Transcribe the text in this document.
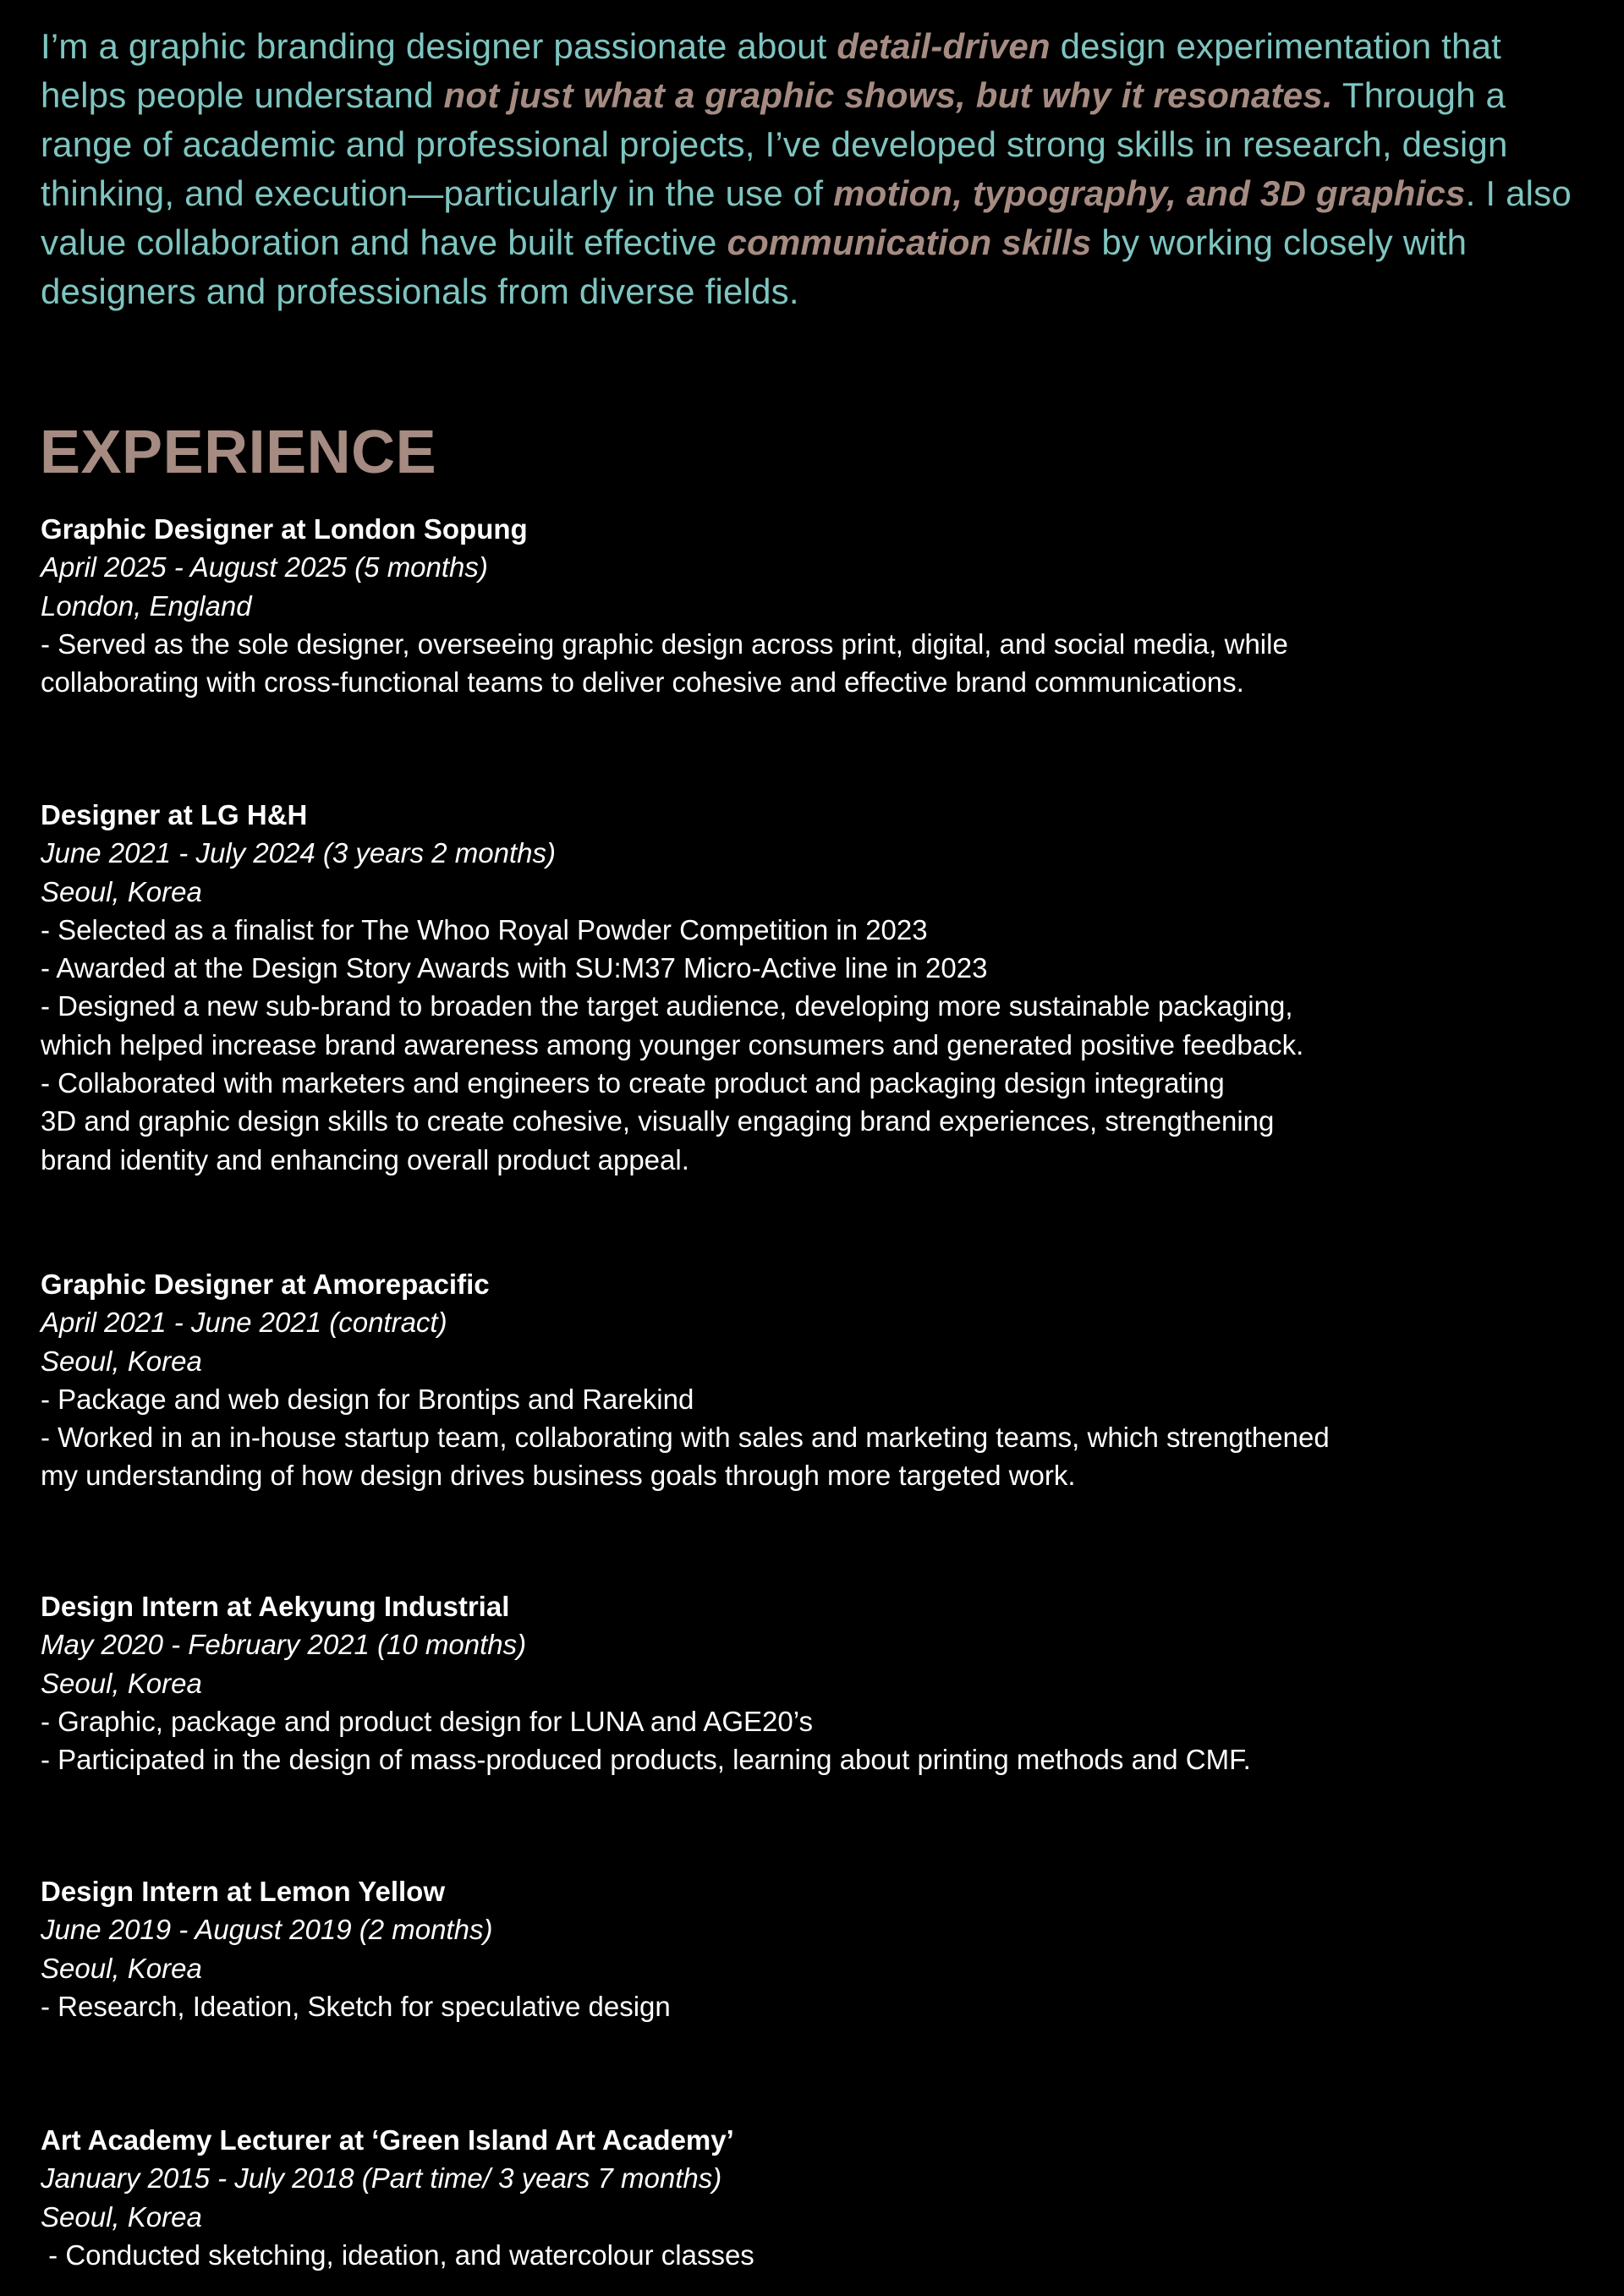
I’m a graphic branding designer passionate about detail-driven design experimentation that helps people understand not just what a graphic shows, but why it resonates. Through a range of academic and professional projects, I’ve developed strong skills in research, design thinking, and execution—particularly in the use of motion, typography, and 3D graphics. I also value collaboration and have built effective communication skills by working closely with designers and professionals from diverse fields.

EXPERIENCE
Graphic Designer at London Sopung
April 2025 - August 2025 (5 months)
London, England
- Served as the sole designer, overseeing graphic design across print, digital, and social media, while
collaborating with cross-functional teams to deliver cohesive and effective brand communications.
Designer at LG H&H
June 2021 - July 2024 (3 years 2 months)
Seoul, Korea
- Selected as a finalist for The Whoo Royal Powder Competition in 2023
- Awarded at the Design Story Awards with SU:M37 Micro-Active line in 2023
- Designed a new sub-brand to broaden the target audience, developing more sustainable packaging,
which helped increase brand awareness among younger consumers and generated positive feedback.
- Collaborated with marketers and engineers to create product and packaging design integrating
3D and graphic design skills to create cohesive, visually engaging brand experiences, strengthening
brand identity and enhancing overall product appeal.
Graphic Designer at Amorepacific
April 2021 - June 2021 (contract)
Seoul, Korea
- Package and web design for Brontips and Rarekind
- Worked in an in-house startup team, collaborating with sales and marketing teams, which strengthened
my understanding of how design drives business goals through more targeted work.
Design Intern at Aekyung Industrial
May 2020 - February 2021 (10 months)
Seoul, Korea
- Graphic, package and product design for LUNA and AGE20’s
- Participated in the design of mass-produced products, learning about printing methods and CMF.
Design Intern at Lemon Yellow
June 2019 - August 2019 (2 months)
Seoul, Korea
- Research, Ideation, Sketch for speculative design
Art Academy Lecturer at ‘Green Island Art Academy’
January 2015 - July 2018 (Part time/ 3 years 7 months)
Seoul, Korea
- Conducted sketching, ideation, and watercolour classes
